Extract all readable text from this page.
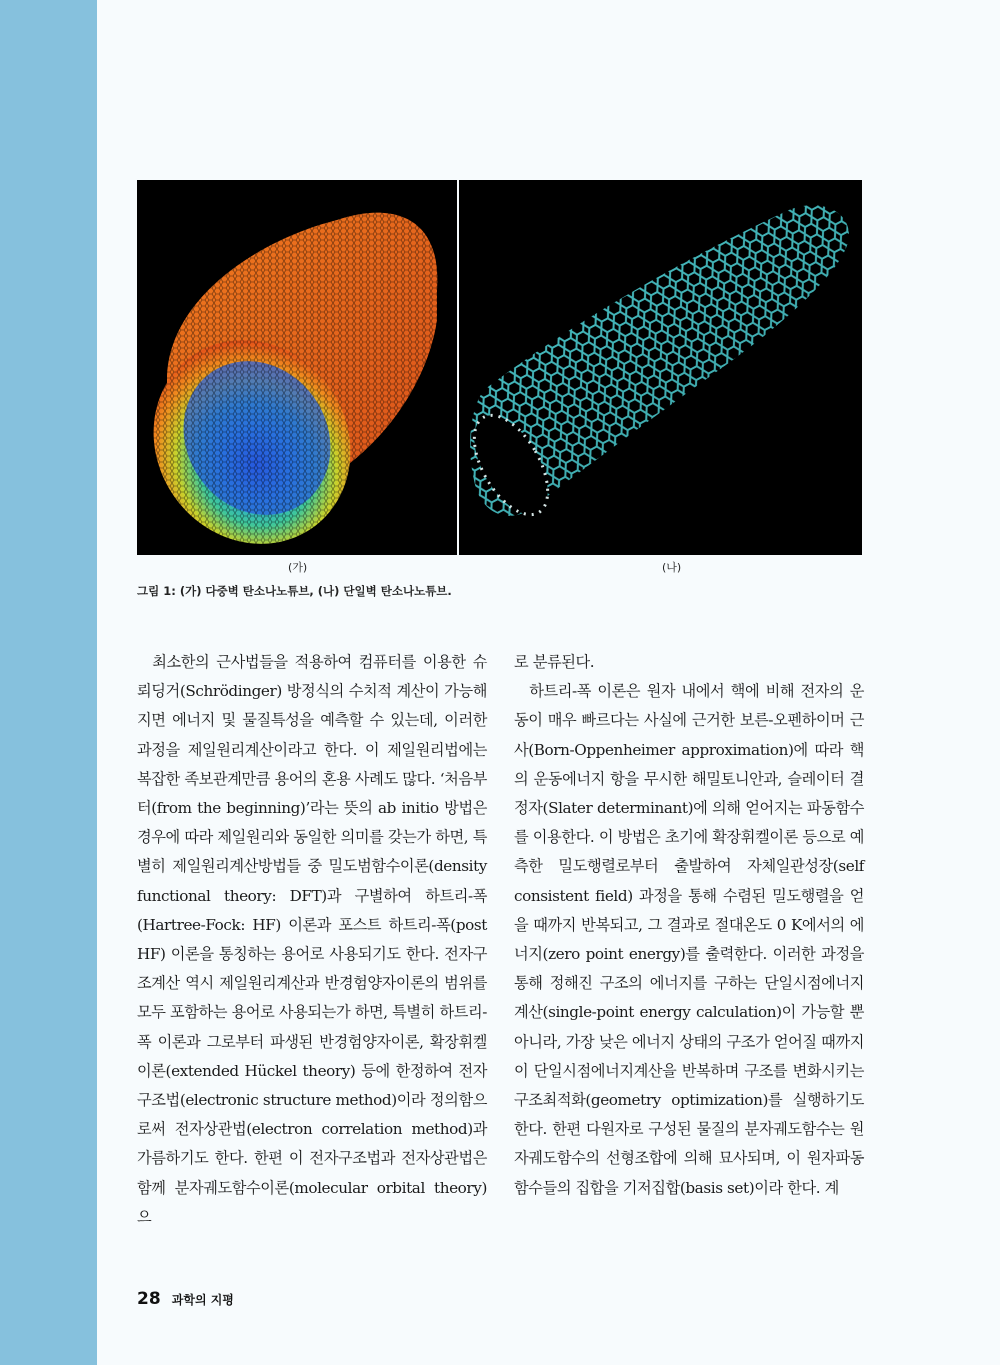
(가)	(나)
그림 1: (가) 다중벽 탄소나노튜브, (나) 단일벽 탄소나노튜브.

최소한의 근사법들을 적용하여 컴퓨터를 이용한 슈뢰딩거(Schrödinger) 방정식의 수치적 계산이 가능해지면 에너지 및 물질특성을 예측할 수 있는데, 이러한 과정을 제일원리계산이라고 한다. 이 제일원리법에는 복잡한 족보관계만큼 용어의 혼용 사례도 많다. ‘처음부터(from the beginning)’라는 뜻의 ab initio 방법은 경우에 따라 제일원리와 동일한 의미를 갖는가 하면, 특별히 제일원리계산방법들 중 밀도범함수이론(density functional theory: DFT)과 구별하여 하트리-폭(Hartree-Fock: HF) 이론과 포스트 하트리-폭(post HF) 이론을 통칭하는 용어로 사용되기도 한다. 전자구조계산 역시 제일원리계산과 반경험양자이론의 범위를 모두 포함하는 용어로 사용되는가 하면, 특별히 하트리-폭 이론과 그로부터 파생된 반경험양자이론, 확장휘켈이론(extended Hückel theory) 등에 한정하여 전자구조법(electronic structure method)이라 정의함으로써 전자상관법(electron correlation method)과 가름하기도 한다. 한편 이 전자구조법과 전자상관법은 함께 분자궤도함수이론(molecular orbital theory)으

로 분류된다.

하트리-폭 이론은 원자 내에서 핵에 비해 전자의 운동이 매우 빠르다는 사실에 근거한 보른-오펜하이머 근사(Born-Oppenheimer approximation)에 따라 핵의 운동에너지 항을 무시한 해밀토니안과, 슬레이터 결정자(Slater determinant)에 의해 얻어지는 파동함수를 이용한다. 이 방법은 초기에 확장휘켈이론 등으로 예측한 밀도행렬로부터 출발하여 자체일관성장(self consistent field) 과정을 통해 수렴된 밀도행렬을 얻을 때까지 반복되고, 그 결과로 절대온도 0 K에서의 에너지(zero point energy)를 출력한다. 이러한 과정을 통해 정해진 구조의 에너지를 구하는 단일시점에너지계산(single-point energy calculation)이 가능할 뿐 아니라, 가장 낮은 에너지 상태의 구조가 얻어질 때까지 이 단일시점에너지계산을 반복하며 구조를 변화시키는 구조최적화(geometry optimization)를 실행하기도 한다. 한편 다원자로 구성된 물질의 분자궤도함수는 원자궤도함수의 선형조합에 의해 묘사되며, 이 원자파동함수들의 집합을 기저집합(basis set)이라 한다. 계

28 과학의 지평
